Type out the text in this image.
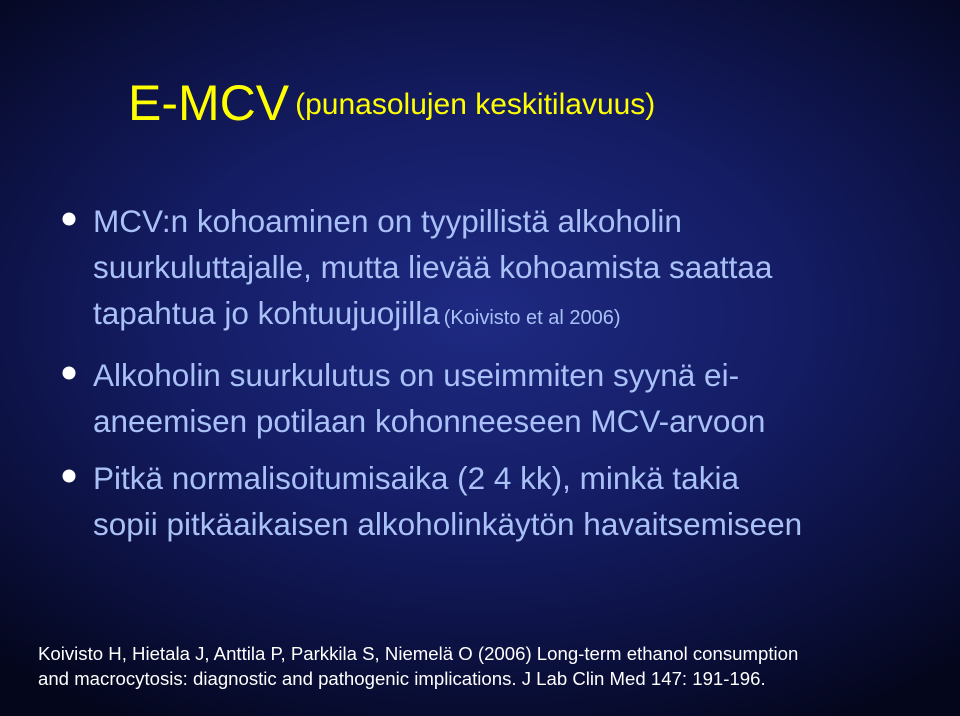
E-MCV (punasolujen keskitilavuus)
MCV:n kohoaminen on tyypillistä alkoholin
suurkuluttajalle, mutta lievää kohoamista saattaa
tapahtua jo kohtuujuojilla (Koivisto et al 2006)
Alkoholin suurkulutus on useimmiten syynä ei-
aneemisen potilaan kohonneeseen MCV-arvoon
Pitkä normalisoitumisaika (2 4 kk), minkä takia
sopii pitkäaikaisen alkoholinkäytön havaitsemiseen
Koivisto H, Hietala J, Anttila P, Parkkila S, Niemelä O (2006) Long-term ethanol consumption
and macrocytosis: diagnostic and pathogenic implications. J Lab Clin Med 147: 191-196.
